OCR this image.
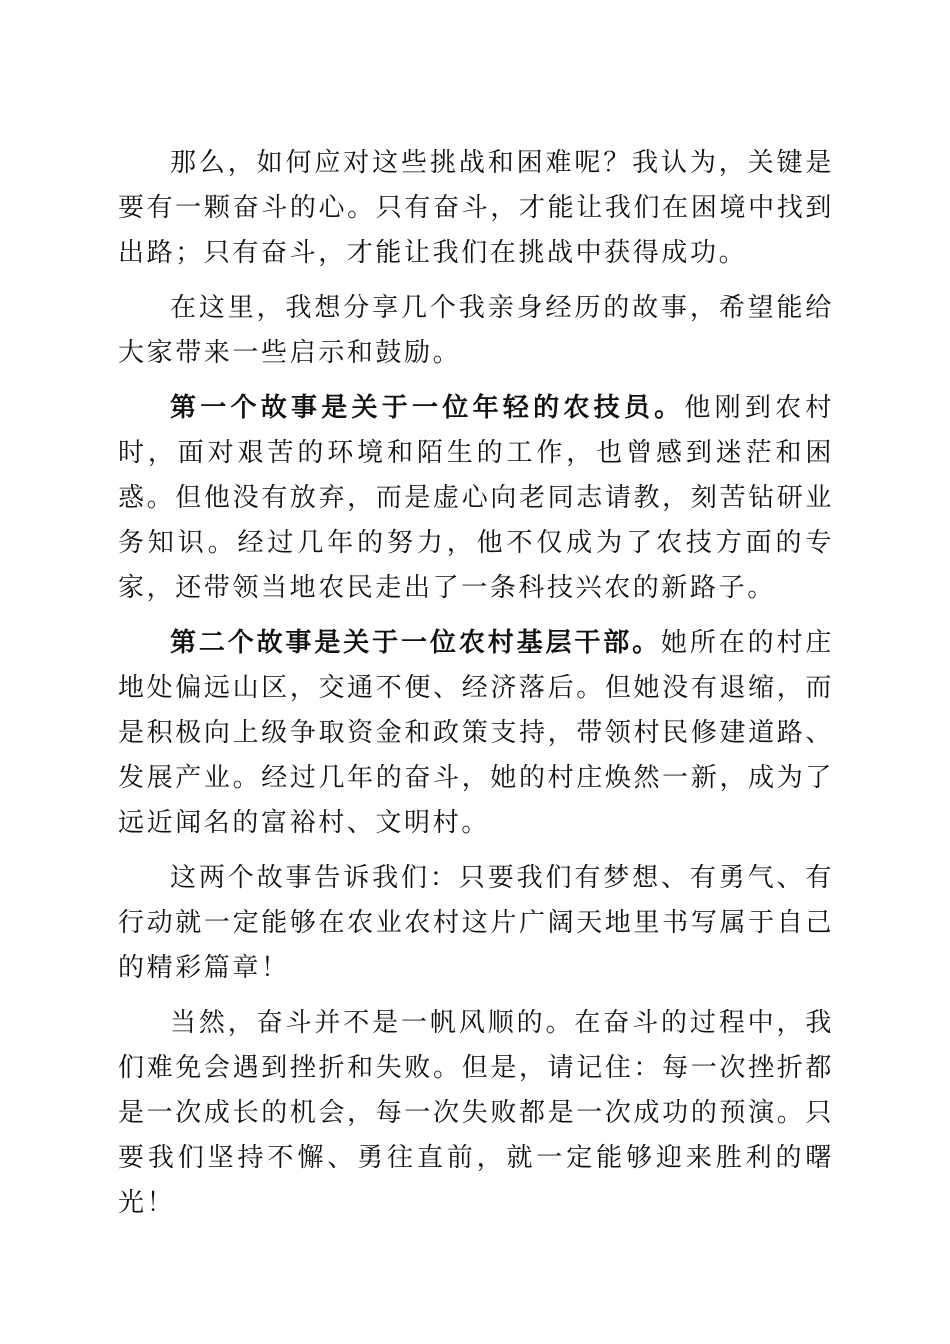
那么，如何应对这些挑战和困难呢？我认为，关键是要有一颗奋斗的心。只有奋斗，才能让我们在困境中找到出路；只有奋斗，才能让我们在挑战中获得成功。

在这里，我想分享几个我亲身经历的故事，希望能给大家带来一些启示和鼓励。

第一个故事是关于一位年轻的农技员。他刚到农村时，面对艰苦的环境和陌生的工作，也曾感到迷茫和困惑。但他没有放弃，而是虚心向老同志请教，刻苦钻研业务知识。经过几年的努力，他不仅成为了农技方面的专家，还带领当地农民走出了一条科技兴农的新路子。

第二个故事是关于一位农村基层干部。她所在的村庄地处偏远山区，交通不便、经济落后。但她没有退缩，而是积极向上级争取资金和政策支持，带领村民修建道路、发展产业。经过几年的奋斗，她的村庄焕然一新，成为了远近闻名的富裕村、文明村。

这两个故事告诉我们：只要我们有梦想、有勇气、有行动就一定能够在农业农村这片广阔天地里书写属于自己的精彩篇章！

当然，奋斗并不是一帆风顺的。在奋斗的过程中，我们难免会遇到挫折和失败。但是，请记住：每一次挫折都是一次成长的机会，每一次失败都是一次成功的预演。只要我们坚持不懈、勇往直前，就一定能够迎来胜利的曙光！
